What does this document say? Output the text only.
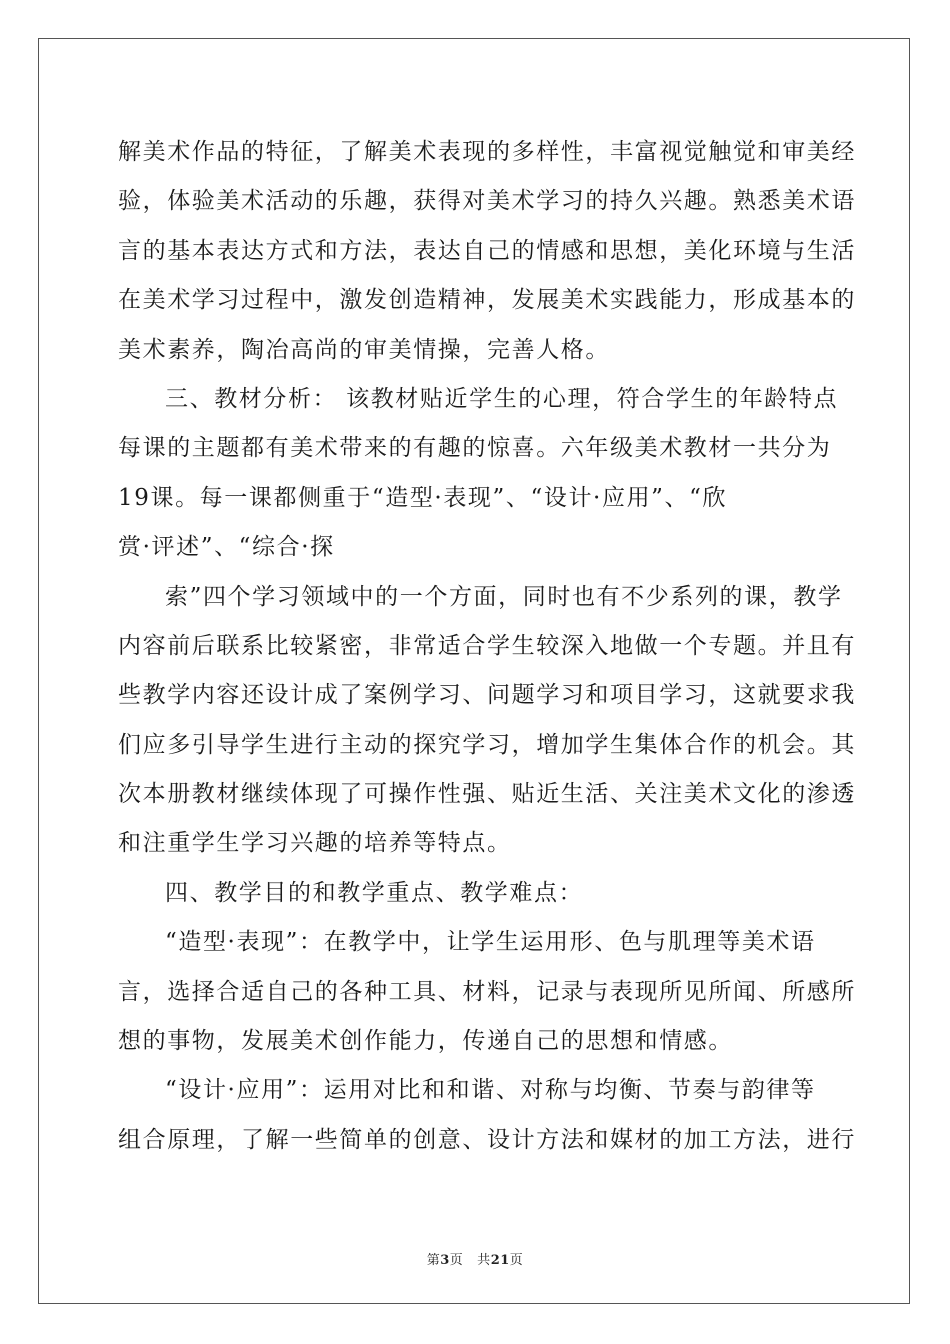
解美术作品的特征，了解美术表现的多样性，丰富视觉触觉和审美经
验，体验美术活动的乐趣，获得对美术学习的持久兴趣。熟悉美术语
言的基本表达方式和方法，表达自己的情感和思想，美化环境与生活
在美术学习过程中，激发创造精神，发展美术实践能力，形成基本的
美术素养，陶冶高尚的审美情操，完善人格。
三、教材分析： 该教材贴近学生的心理，符合学生的年龄特点
每课的主题都有美术带来的有趣的惊喜。六年级美术教材一共分为
19课。每一课都侧重于“造型·表现”、“设计·应用”、“欣
赏·评述”、“综合·探
索”四个学习领域中的一个方面，同时也有不少系列的课，教学
内容前后联系比较紧密，非常适合学生较深入地做一个专题。并且有
些教学内容还设计成了案例学习、问题学习和项目学习，这就要求我
们应多引导学生进行主动的探究学习，增加学生集体合作的机会。其
次本册教材继续体现了可操作性强、贴近生活、关注美术文化的渗透
和注重学生学习兴趣的培养等特点。
四、教学目的和教学重点、教学难点：
“造型·表现”：在教学中，让学生运用形、色与肌理等美术语
言，选择合适自己的各种工具、材料，记录与表现所见所闻、所感所
想的事物，发展美术创作能力，传递自己的思想和情感。
“设计·应用”：运用对比和和谐、对称与均衡、节奏与韵律等
组合原理，了解一些简单的创意、设计方法和媒材的加工方法，进行
第3页 共21页
